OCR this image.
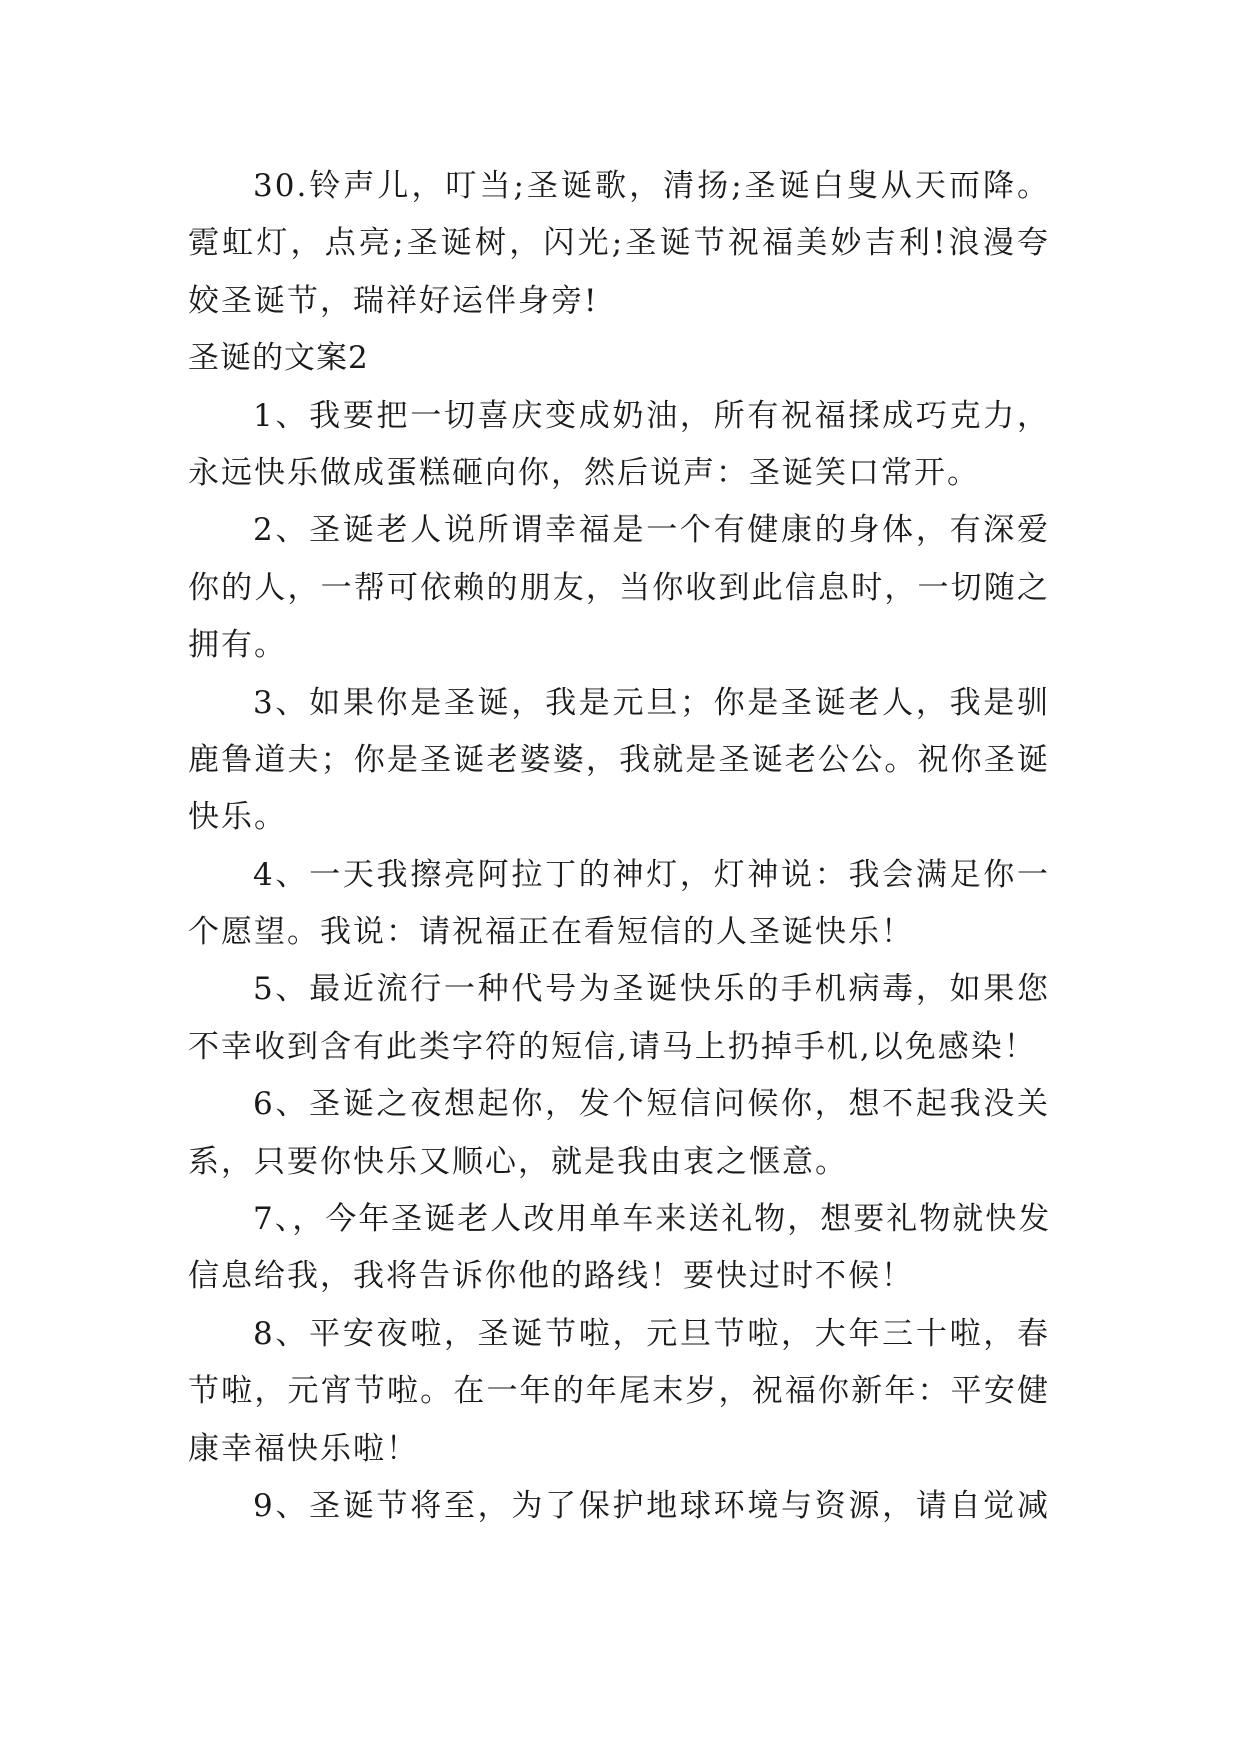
30.铃声儿，叮当;圣诞歌，清扬;圣诞白叟从天而降。
霓虹灯，点亮;圣诞树，闪光;圣诞节祝福美妙吉利!浪漫夸
姣圣诞节，瑞祥好运伴身旁!
圣诞的文案2
1、我要把一切喜庆变成奶油，所有祝福揉成巧克力，
永远快乐做成蛋糕砸向你，然后说声：圣诞笑口常开。
2、圣诞老人说所谓幸福是一个有健康的身体，有深爱
你的人，一帮可依赖的朋友，当你收到此信息时，一切随之
拥有。
3、如果你是圣诞，我是元旦；你是圣诞老人，我是驯
鹿鲁道夫；你是圣诞老婆婆，我就是圣诞老公公。祝你圣诞
快乐。
4、一天我擦亮阿拉丁的神灯，灯神说：我会满足你一
个愿望。我说：请祝福正在看短信的人圣诞快乐！
5、最近流行一种代号为圣诞快乐的手机病毒，如果您
不幸收到含有此类字符的短信,请马上扔掉手机,以免感染！
6、圣诞之夜想起你，发个短信问候你，想不起我没关
系，只要你快乐又顺心，就是我由衷之惬意。
7、，今年圣诞老人改用单车来送礼物，想要礼物就快发
信息给我，我将告诉你他的路线！要快过时不候！
8、平安夜啦，圣诞节啦，元旦节啦，大年三十啦，春
节啦，元宵节啦。在一年的年尾末岁，祝福你新年：平安健
康幸福快乐啦！
9、圣诞节将至，为了保护地球环境与资源，请自觉减
